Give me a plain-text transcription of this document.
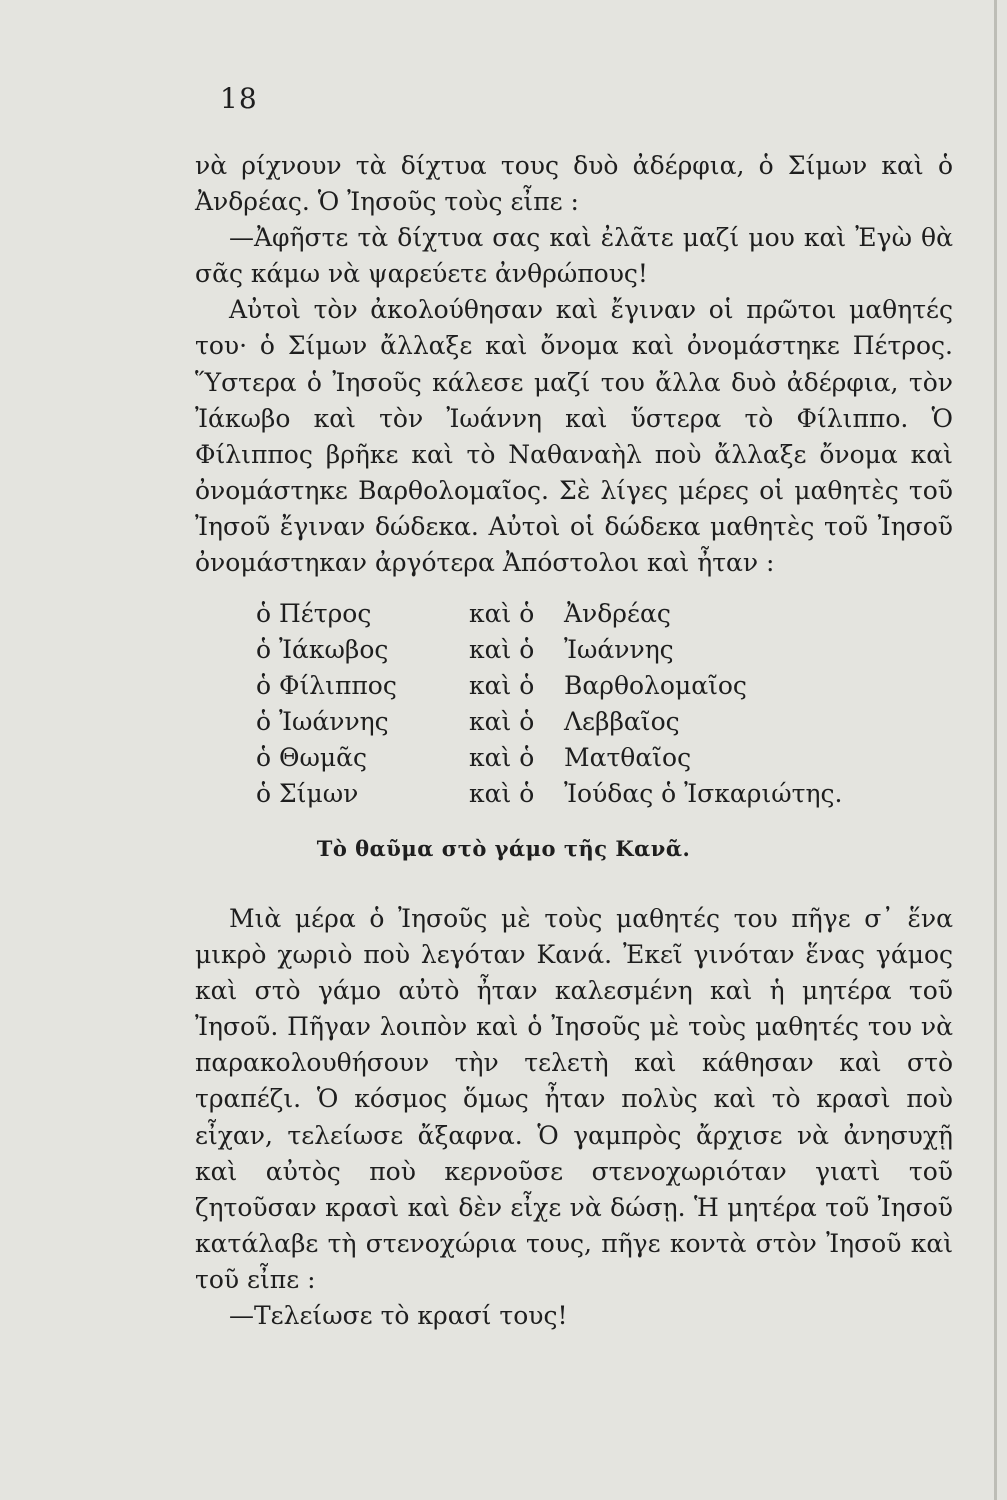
18

νὰ ρίχνουν τὰ δίχτυα τους δυὸ ἀδέρφια, ὁ Σίμων καὶ ὁ Ἀνδρέας. Ὁ Ἰησοῦς τοὺς εἶπε :

—Ἀφῆστε τὰ δίχτυα σας καὶ ἐλᾶτε μαζί μου καὶ Ἐγὼ θὰ σᾶς κάμω νὰ ψαρεύετε ἀνθρώπους!

Αὐτοὶ τὸν ἀκολούθησαν καὶ ἔγιναν οἱ πρῶτοι μαθητές του· ὁ Σίμων ἄλλαξε καὶ ὄνομα καὶ ὀνομάστηκε Πέτρος. Ὕστερα ὁ Ἰησοῦς κάλεσε μαζί του ἄλλα δυὸ ἀδέρφια, τὸν Ἰάκωβο καὶ τὸν Ἰωάννη καὶ ὕστερα τὸ Φίλιππο. Ὁ Φίλιππος βρῆκε καὶ τὸ Ναθαναὴλ ποὺ ἄλλαξε ὄνομα καὶ ὀνομάστηκε Βαρθολομαῖος. Σὲ λίγες μέρες οἱ μαθητὲς τοῦ Ἰησοῦ ἔγιναν δώδεκα. Αὐτοὶ οἱ δώδεκα μαθητὲς τοῦ Ἰησοῦ ὀνομάστηκαν ἀργότερα Ἀπόστολοι καὶ ἦταν :

ὁ Πέτρος	καὶ ὁ Ἀνδρέας
ὁ Ἰάκωβος	καὶ ὁ Ἰωάννης
ὁ Φίλιππος	καὶ ὁ Βαρθολομαῖος
ὁ Ἰωάννης	καὶ ὁ Λεββαῖος
ὁ Θωμᾶς	καὶ ὁ Ματθαῖος
ὁ Σίμων	καὶ ὁ Ἰούδας ὁ Ἰσκαριώτης.
Τὸ θαῦμα στὸ γάμο τῆς Κανᾶ.

Μιὰ μέρα ὁ Ἰησοῦς μὲ τοὺς μαθητές του πῆγε σ᾽ ἕνα μικρὸ χωριὸ ποὺ λεγόταν Κανά. Ἐκεῖ γινόταν ἕνας γάμος καὶ στὸ γάμο αὐτὸ ἦταν καλεσμένη καὶ ἡ μητέρα τοῦ Ἰησοῦ. Πῆγαν λοιπὸν καὶ ὁ Ἰησοῦς μὲ τοὺς μαθητές του νὰ παρακολουθήσουν τὴν τελετὴ καὶ κάθησαν καὶ στὸ τραπέζι. Ὁ κόσμος ὅμως ἦταν πολὺς καὶ τὸ κρασὶ ποὺ εἶχαν, τελείωσε ἄξαφνα. Ὁ γαμπρὸς ἄρχισε νὰ ἀνησυχῇ καὶ αὐτὸς ποὺ κερνοῦσε στενοχωριόταν γιατὶ τοῦ ζητοῦσαν κρασὶ καὶ δὲν εἶχε νὰ δώσῃ. Ἡ μητέρα τοῦ Ἰησοῦ κατάλαβε τὴ στενοχώρια τους, πῆγε κοντὰ στὸν Ἰησοῦ καὶ τοῦ εἶπε :

—Τελείωσε τὸ κρασί τους!
